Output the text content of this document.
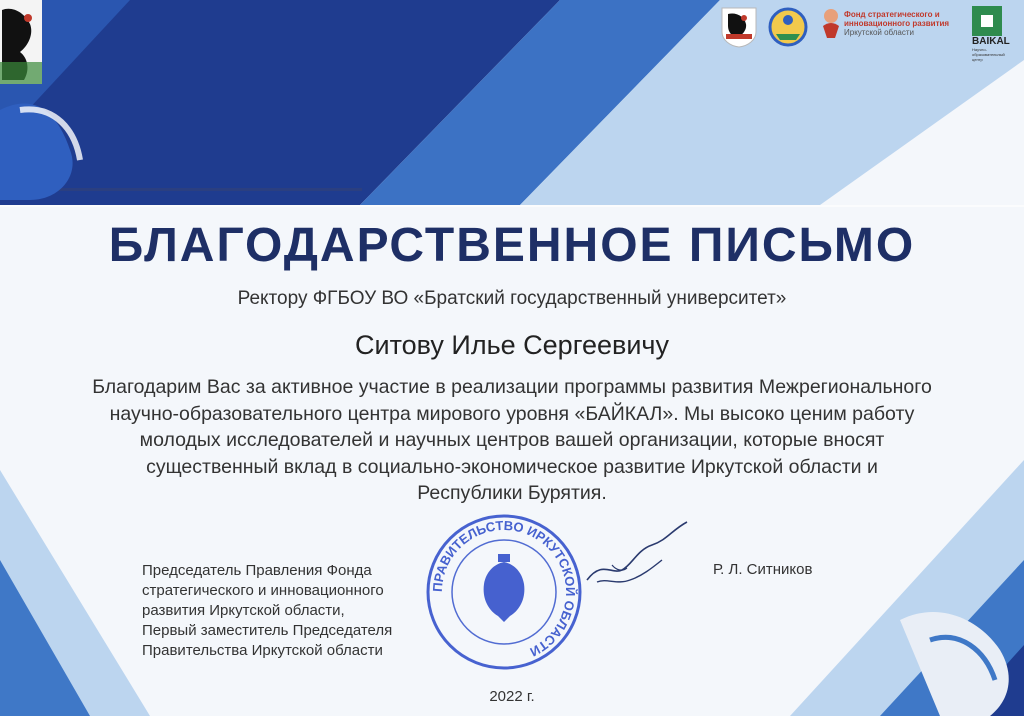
Фонд стратегического и
инновационного развития
Иркутской области
BAIKAL
Научно-образовательный центр
БЛАГОДАРСТВЕННОЕ ПИСЬМО
Ректору ФГБОУ ВО «Братский государственный университет»
Ситову Илье Сергеевичу
Благодарим Вас за активное участие в реализации программы развития Межрегионального
научно-образовательного центра мирового уровня «БАЙКАЛ». Мы высоко ценим работу
молодых исследователей и научных центров вашей организации, которые вносят
существенный вклад в социально-экономическое развитие Иркутской области и
Республики Бурятия.
Председатель Правления Фонда
стратегического и инновационного
развития Иркутской области,
Первый заместитель Председателя
Правительства Иркутской области
ПРАВИТЕЛЬСТВО ИРКУТСКОЙ ОБЛАСТИ
Р. Л. Ситников
2022 г.
